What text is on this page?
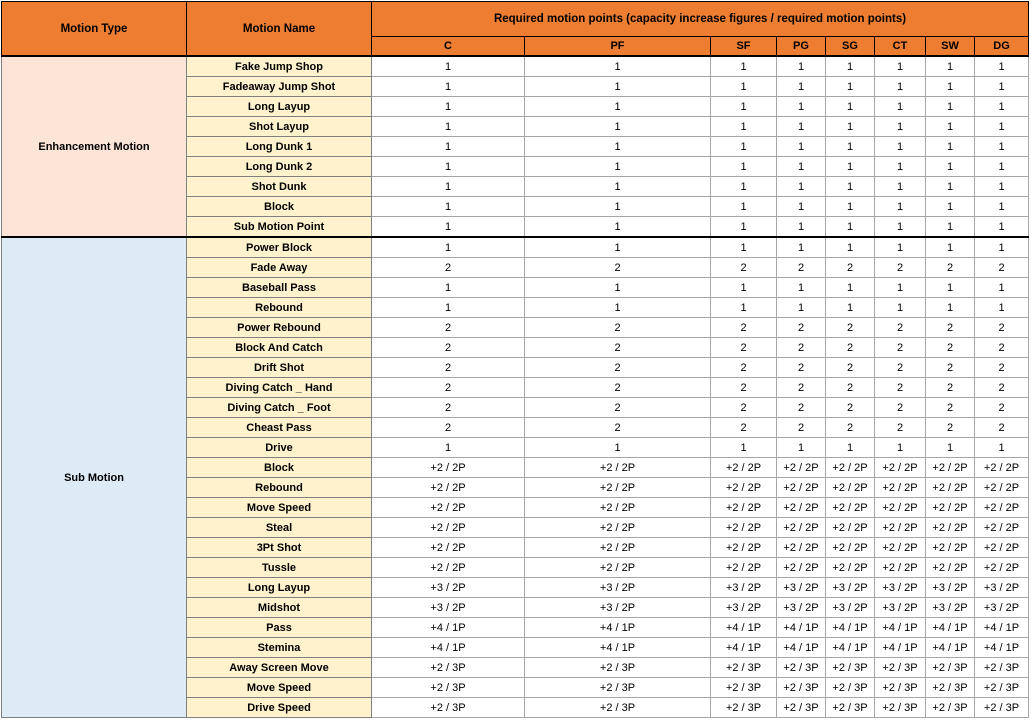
Motion Type	Motion Name	Required motion points (capacity increase figures / required motion points)							
		C	PF	SF	PG	SG	CT	SW	DG
Enhancement Motion	Fake Jump Shop	1	1	1	1	1	1	1	1
	Fadeaway Jump Shot	1	1	1	1	1	1	1	1
	Long Layup	1	1	1	1	1	1	1	1
	Shot Layup	1	1	1	1	1	1	1	1
	Long Dunk 1	1	1	1	1	1	1	1	1
	Long Dunk 2	1	1	1	1	1	1	1	1
	Shot Dunk	1	1	1	1	1	1	1	1
	Block	1	1	1	1	1	1	1	1
	Sub Motion Point	1	1	1	1	1	1	1	1
Sub Motion	Power Block	1	1	1	1	1	1	1	1
	Fade Away	2	2	2	2	2	2	2	2
	Baseball Pass	1	1	1	1	1	1	1	1
	Rebound	1	1	1	1	1	1	1	1
	Power Rebound	2	2	2	2	2	2	2	2
	Block And Catch	2	2	2	2	2	2	2	2
	Drift Shot	2	2	2	2	2	2	2	2
	Diving Catch _ Hand	2	2	2	2	2	2	2	2
	Diving Catch _ Foot	2	2	2	2	2	2	2	2
	Cheast Pass	2	2	2	2	2	2	2	2
	Drive	1	1	1	1	1	1	1	1
	Block	+2 / 2P	+2 / 2P	+2 / 2P	+2 / 2P	+2 / 2P	+2 / 2P	+2 / 2P	+2 / 2P
	Rebound	+2 / 2P	+2 / 2P	+2 / 2P	+2 / 2P	+2 / 2P	+2 / 2P	+2 / 2P	+2 / 2P
	Move Speed	+2 / 2P	+2 / 2P	+2 / 2P	+2 / 2P	+2 / 2P	+2 / 2P	+2 / 2P	+2 / 2P
	Steal	+2 / 2P	+2 / 2P	+2 / 2P	+2 / 2P	+2 / 2P	+2 / 2P	+2 / 2P	+2 / 2P
	3Pt Shot	+2 / 2P	+2 / 2P	+2 / 2P	+2 / 2P	+2 / 2P	+2 / 2P	+2 / 2P	+2 / 2P
	Tussle	+2 / 2P	+2 / 2P	+2 / 2P	+2 / 2P	+2 / 2P	+2 / 2P	+2 / 2P	+2 / 2P
	Long Layup	+3 / 2P	+3 / 2P	+3 / 2P	+3 / 2P	+3 / 2P	+3 / 2P	+3 / 2P	+3 / 2P
	Midshot	+3 / 2P	+3 / 2P	+3 / 2P	+3 / 2P	+3 / 2P	+3 / 2P	+3 / 2P	+3 / 2P
	Pass	+4 / 1P	+4 / 1P	+4 / 1P	+4 / 1P	+4 / 1P	+4 / 1P	+4 / 1P	+4 / 1P
	Stemina	+4 / 1P	+4 / 1P	+4 / 1P	+4 / 1P	+4 / 1P	+4 / 1P	+4 / 1P	+4 / 1P
	Away Screen Move	+2 / 3P	+2 / 3P	+2 / 3P	+2 / 3P	+2 / 3P	+2 / 3P	+2 / 3P	+2 / 3P
	Move Speed	+2 / 3P	+2 / 3P	+2 / 3P	+2 / 3P	+2 / 3P	+2 / 3P	+2 / 3P	+2 / 3P
	Drive Speed	+2 / 3P	+2 / 3P	+2 / 3P	+2 / 3P	+2 / 3P	+2 / 3P	+2 / 3P	+2 / 3P
